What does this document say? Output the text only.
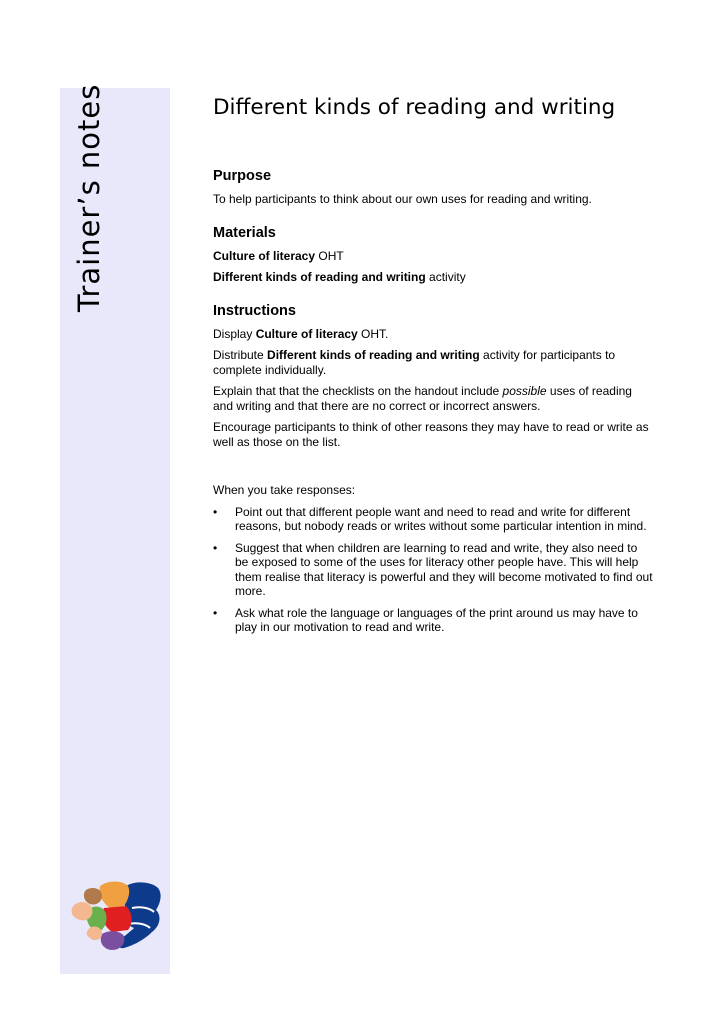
Trainer’s notes	Different kinds of reading and writing
Purpose

To help participants to think about our own uses for reading and writing.

Materials

Culture of literacy OHT

Different kinds of reading and writing activity

Instructions

Display Culture of literacy OHT.

Distribute Different kinds of reading and writing activity for participants to complete individually.

Explain that that the checklists on the handout include possible uses of reading and writing and that there are no correct or incorrect answers.

Encourage participants to think of other reasons they may have to read or write as well as those on the list.

When you take responses:

• Point out that different people want and need to read and write for different reasons, but nobody reads or writes without some particular intention in mind.
• Suggest that when children are learning to read and write, they also need to be exposed to some of the uses for literacy other people have. This will help them realise that literacy is powerful and they will become motivated to find out more.
• Ask what role the language or languages of the print around us may have to play in our motivation to read and write.
